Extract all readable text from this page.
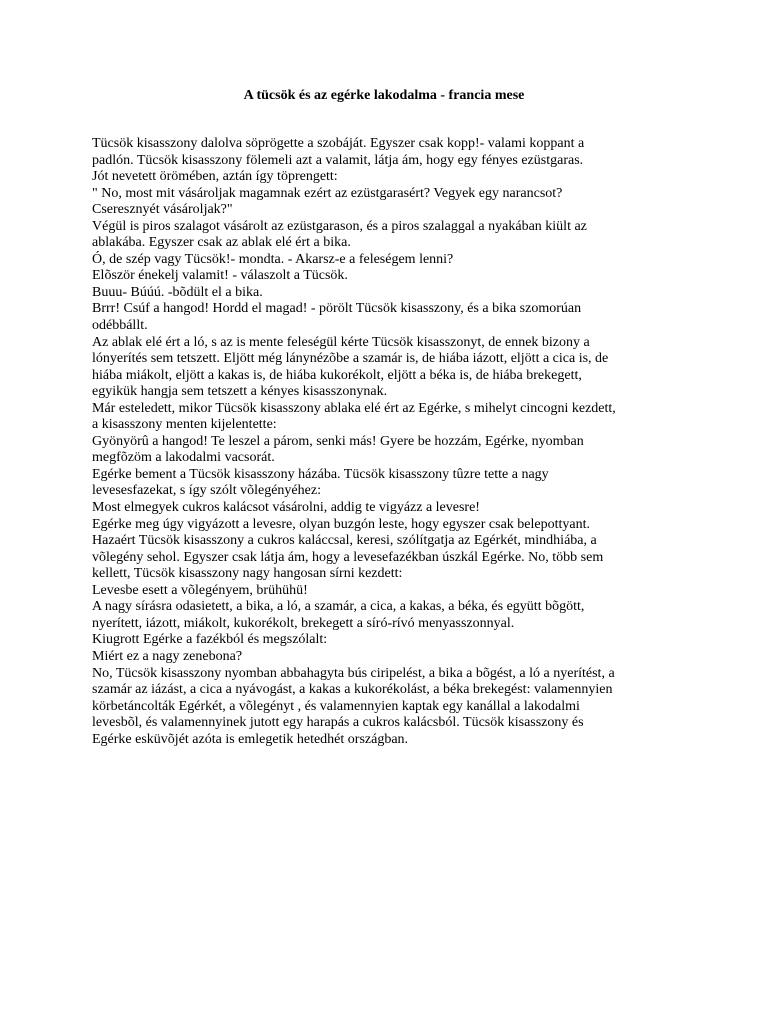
A tücsök és az egérke lakodalma - francia mese
Tücsök kisasszony dalolva söprögette a szobáját. Egyszer csak kopp!- valami koppant a
padlón. Tücsök kisasszony fölemeli azt a valamit, látja ám, hogy egy fényes ezüstgaras.
Jót nevetett örömében, aztán így töprengett:
" No, most mit vásároljak magamnak ezért az ezüstgarasért? Vegyek egy narancsot?
Cseresznyét vásároljak?"
Végül is piros szalagot vásárolt az ezüstgarason, és a piros szalaggal a nyakában kiült az
ablakába. Egyszer csak az ablak elé ért a bika.
Ó, de szép vagy Tücsök!- mondta. - Akarsz-e a feleségem lenni?
Elõször énekelj valamit! - válaszolt a Tücsök.
Buuu- Búúú. -bõdült el a bika.
Brrr! Csúf a hangod! Hordd el magad! - pörölt Tücsök kisasszony, és a bika szomorúan
odébbállt.
Az ablak elé ért a ló, s az is mente feleségül kérte Tücsök kisasszonyt, de ennek bizony a
lónyerítés sem tetszett. Eljött még lánynézõbe a szamár is, de hiába iázott, eljött a cica is, de
hiába miákolt, eljött a kakas is, de hiába kukorékolt, eljött a béka is, de hiába brekegett,
egyikük hangja sem tetszett a kényes kisasszonynak.
Már esteledett, mikor Tücsök kisasszony ablaka elé ért az Egérke, s mihelyt cincogni kezdett,
a kisasszony menten kijelentette:
Gyönyörû a hangod! Te leszel a párom, senki más! Gyere be hozzám, Egérke, nyomban
megfõzöm a lakodalmi vacsorát.
Egérke bement a Tücsök kisasszony házába. Tücsök kisasszony tûzre tette a nagy
levesesfazekat, s így szólt võlegényéhez:
Most elmegyek cukros kalácsot vásárolni, addig te vigyázz a levesre!
Egérke meg úgy vigyázott a levesre, olyan buzgón leste, hogy egyszer csak belepottyant.
Hazaért Tücsök kisasszony a cukros kaláccsal, keresi, szólítgatja az Egérkét, mindhiába, a
võlegény sehol. Egyszer csak látja ám, hogy a levesefazékban úszkál Egérke. No, több sem
kellett, Tücsök kisasszony nagy hangosan sírni kezdett:
Levesbe esett a võlegényem, brühühü!
A nagy sírásra odasietett, a bika, a ló, a szamár, a cica, a kakas, a béka, és együtt bõgött,
nyerített, iázott, miákolt, kukorékolt, brekegett a síró-rívó menyasszonnyal.
Kiugrott Egérke a fazékból és megszólalt:
Miért ez a nagy zenebona?
No, Tücsök kisasszony nyomban abbahagyta bús ciripelést, a bika a bõgést, a ló a nyerítést, a
szamár az iázást, a cica a nyávogást, a kakas a kukorékolást, a béka brekegést: valamennyien
körbetáncolták Egérkét, a võlegényt , és valamennyien kaptak egy kanállal a lakodalmi
levesbõl, és valamennyinek jutott egy harapás a cukros kalácsból. Tücsök kisasszony és
Egérke esküvõjét azóta is emlegetik hetedhét országban.
